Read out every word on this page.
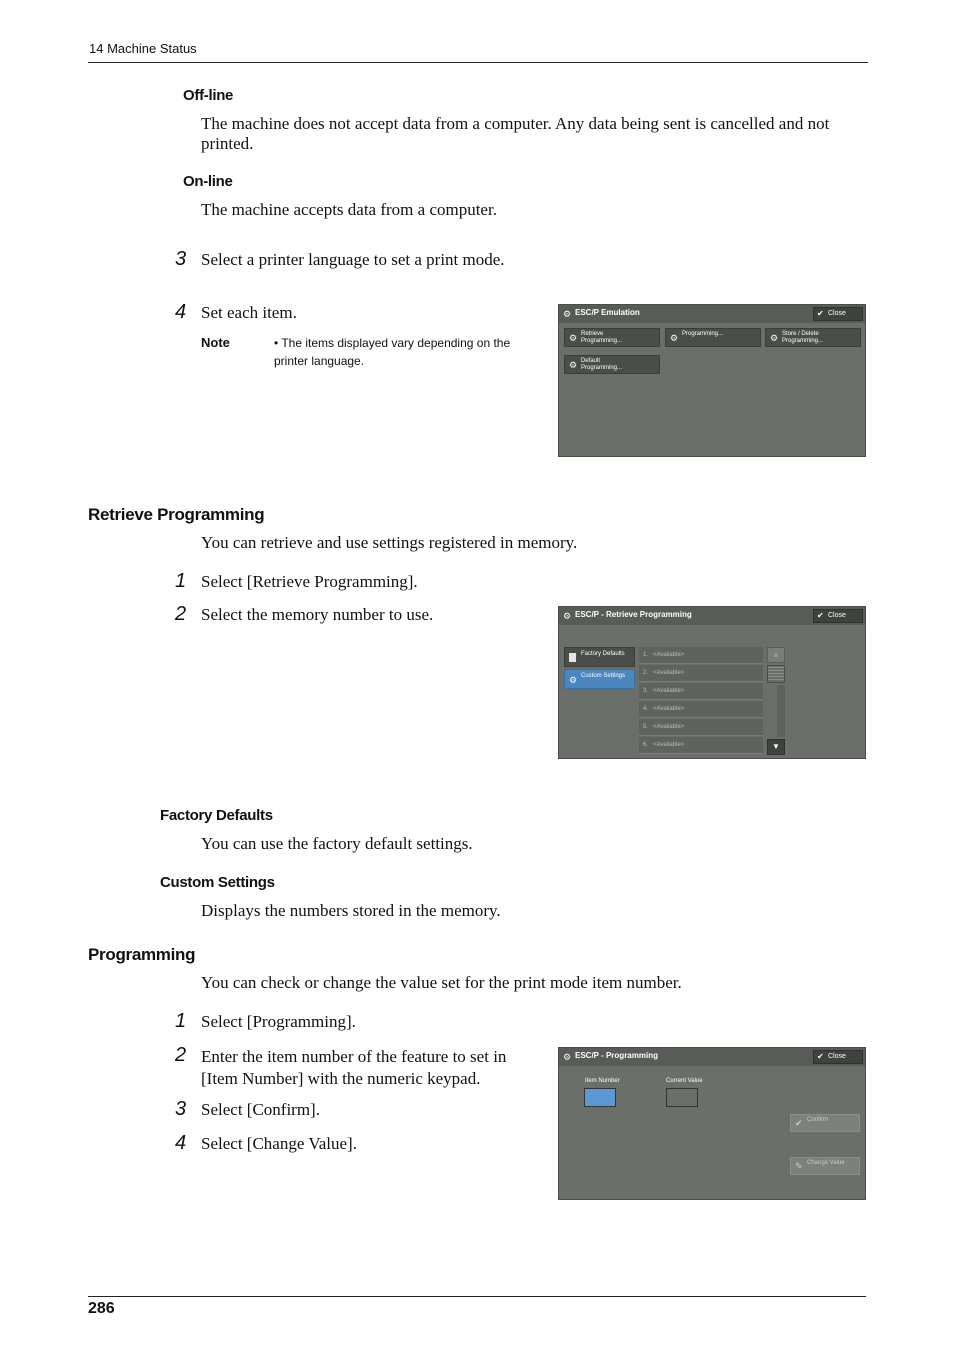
14 Machine Status
Off-line
The machine does not accept data from a computer. Any data being sent is cancelled and not printed.
On-line
The machine accepts data from a computer.
3 Select a printer language to set a print mode.
4 Set each item.
Note	• The items displayed vary depending on the printer language.
⚙ ESC/P Emulation	✔ Close
⚙ Retrieve Programming...	⚙ Programming...	⚙ Store / Delete Programming...
⚙ Default Programming...
Retrieve Programming
You can retrieve and use settings registered in memory.
1 Select [Retrieve Programming].
2 Select the memory number to use.	⚙ ESC/P - Retrieve Programming	✔ Close
Factory Defaults
⚙ Custom Settings
1. <Available>
2. <Available>
3. <Available>
4. <Available>
5. <Available>
6. <Available>
▲
▼
Factory Defaults
You can use the factory default settings.
Custom Settings
Displays the numbers stored in the memory.
Programming
You can check or change the value set for the print mode item number.
1 Select [Programming].
2 Enter the item number of the feature to set in [Item Number] with the numeric keypad.
3 Select [Confirm].
4 Select [Change Value].
⚙ ESC/P - Programming	✔ Close
Item Number	Current Value
✔ Confirm
✎ Change Value
286
